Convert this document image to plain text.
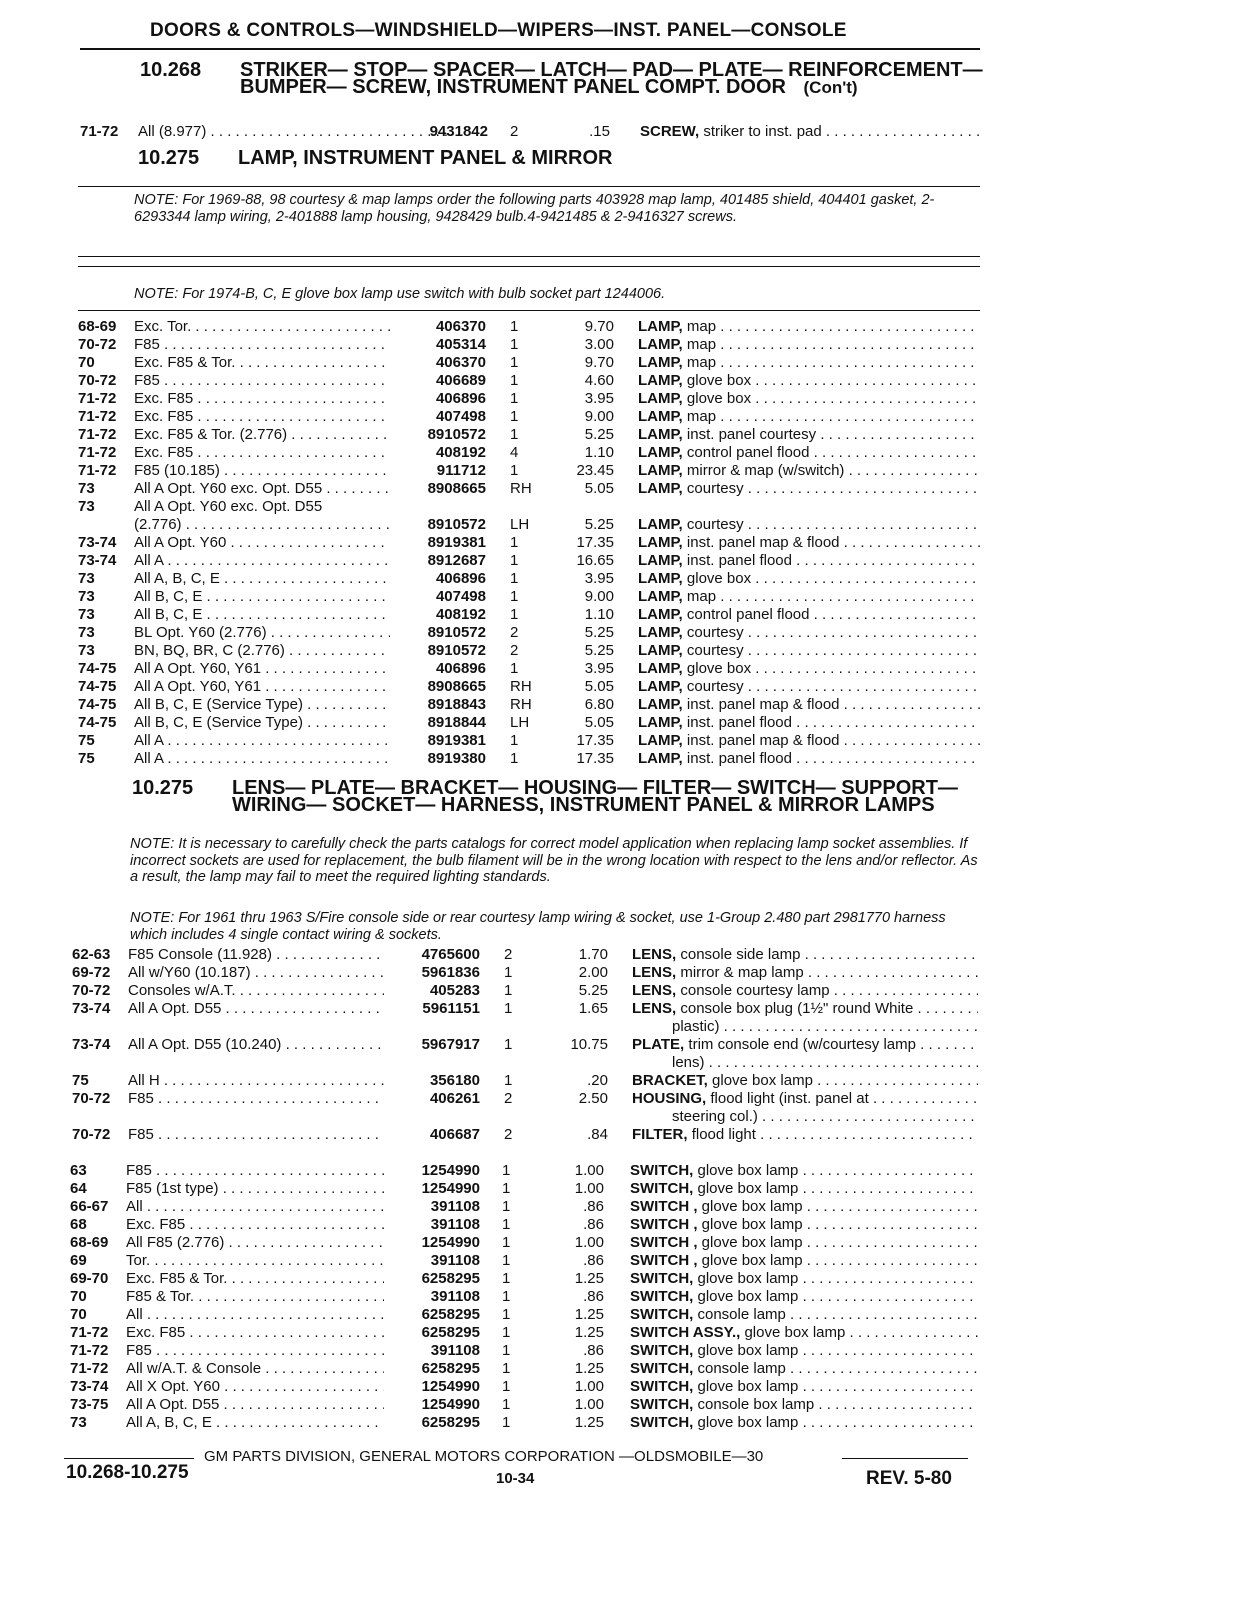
DOORS & CONTROLS—WINDSHIELD—WIPERS—INST. PANEL—CONSOLE
10.268 STRIKER— STOP— SPACER— LATCH— PAD— PLATE— REINFORCEMENT— BUMPER— SCREW, INSTRUMENT PANEL COMPT. DOOR (Con't)
71-72	All (8.977) . . .	9431842 2	.15 SCREW, striker to inst. pad . . .
10.275 LAMP, INSTRUMENT PANEL & MIRROR
NOTE: For 1969-88, 98 courtesy & map lamps order the following parts 403928 map lamp, 401485 shield, 404401 gasket, 2-6293344 lamp wiring, 2-401888 lamp housing, 9428429 bulb.4-9421485 & 2-9416327 screws.
NOTE: For 1974-B, C, E glove box lamp use switch with bulb socket part 1244006.
68-69	Exc. Tor. . . .	406370 1	9.70 LAMP, map . . .
70-72	F85 . . .	405314 1	3.00 LAMP, map . . .
70	Exc. F85 & Tor. . . .	406370 1	9.70 LAMP, map . . .
70-72	F85 . . .	406689 1	4.60 LAMP, glove box . . .
71-72	Exc. F85 . . .	406896 1	3.95 LAMP, glove box . . .
71-72	Exc. F85 . . .	407498 1	9.00 LAMP, map . . .
71-72	Exc. F85 & Tor. (2.776) . . .	8910572 1	5.25 LAMP, inst. panel courtesy . . .
71-72	Exc. F85 . . .	408192 4	1.10 LAMP, control panel flood . . .
71-72	F85 (10.185) . . .	911712 1	23.45 LAMP, mirror & map (w/switch) . . .
73	All A Opt. Y60 exc. Opt. D55 . . .	8908665 RH	5.05 LAMP, courtesy . . .
73	All A Opt. Y60 exc. Opt. D55
(2.776) . . .	8910572 LH	5.25 LAMP, courtesy . . .
73-74	All A Opt. Y60 . . .	8919381 1	17.35 LAMP, inst. panel map & flood . . .
73-74	All A . . .	8912687 1	16.65 LAMP, inst. panel flood . . .
73	All A, B, C, E . . .	406896 1	3.95 LAMP, glove box . . .
73	All B, C, E . . .	407498 1	9.00 LAMP, map . . .
73	All B, C, E . . .	408192 1	1.10 LAMP, control panel flood . . .
73	BL Opt. Y60 (2.776) . . .	8910572 2	5.25 LAMP, courtesy . . .
73	BN, BQ, BR, C (2.776) . . .	8910572 2	5.25 LAMP, courtesy . . .
74-75	All A Opt. Y60, Y61 . . .	406896 1	3.95 LAMP, glove box . . .
74-75	All A Opt. Y60, Y61 . . .	8908665 RH	5.05 LAMP, courtesy . . .
74-75	All B, C, E (Service Type) . . .	8918843 RH	6.80 LAMP, inst. panel map & flood . . .
74-75	All B, C, E (Service Type) . . .	8918844 LH	5.05 LAMP, inst. panel flood . . .
75	All A . . .	8919381 1	17.35 LAMP, inst. panel map & flood . . .
75	All A . . .	8919380 1	17.35 LAMP, inst. panel flood . . .
10.275 LENS— PLATE— BRACKET— HOUSING— FILTER— SWITCH— SUPPORT— WIRING— SOCKET— HARNESS, INSTRUMENT PANEL & MIRROR LAMPS
NOTE: It is necessary to carefully check the parts catalogs for correct model application when replacing lamp socket assemblies. If incorrect sockets are used for replacement, the bulb filament will be in the wrong location with respect to the lens and/or reflector. As a result, the lamp may fail to meet the required lighting standards.
NOTE: For 1961 thru 1963 S/Fire console side or rear courtesy lamp wiring & socket, use 1-Group 2.480 part 2981770 harness which includes 4 single contact wiring & sockets.
62-63	F85 Console (11.928) . . .	4765600 2	1.70 LENS, console side lamp . . .
69-72	All w/Y60 (10.187) . . .	5961836 1	2.00 LENS, mirror & map lamp . . .
70-72	Consoles w/A.T. . . .	405283 1	5.25 LENS, console courtesy lamp . . .
73-74	All A Opt. D55 . . .	5961151 1	1.65 LENS, console box plug (1½" round White . . .
plastic) . . .
73-74	All A Opt. D55 (10.240) . . .	5967917 1	10.75 PLATE, trim console end (w/courtesy lamp . . .
lens) . . .
75	All H . . .	356180 1	.20 BRACKET, glove box lamp . . .
70-72	F85 . . .	406261 2	2.50 HOUSING, flood light (inst. panel at . . .
steering col.) . . .
70-72	F85 . . .	406687 2	.84 FILTER, flood light . . .
63	F85 . . .	1254990 1	1.00 SWITCH, glove box lamp . . .
64	F85 (1st type) . . .	1254990 1	1.00 SWITCH, glove box lamp . . .
66-67	All . . .	391108 1	.86 SWITCH , glove box lamp . . .
68	Exc. F85 . . .	391108 1	.86 SWITCH , glove box lamp . . .
68-69	All F85 (2.776) . . .	1254990 1	1.00 SWITCH , glove box lamp . . .
69	Tor. . . .	391108 1	.86 SWITCH , glove box lamp . . .
69-70	Exc. F85 & Tor. . . .	6258295 1	1.25 SWITCH, glove box lamp . . .
70	F85 & Tor. . . .	391108 1	.86 SWITCH, glove box lamp . . .
70	All . . .	6258295 1	1.25 SWITCH, console lamp . . .
71-72	Exc. F85 . . .	6258295 1	1.25 SWITCH ASSY., glove box lamp . . .
71-72	F85 . . .	391108 1	.86 SWITCH, glove box lamp . . .
71-72	All w/A.T. & Console . . .	6258295 1	1.25 SWITCH, console lamp . . .
73-74	All X Opt. Y60 . . .	1254990 1	1.00 SWITCH, glove box lamp . . .
73-75	All A Opt. D55 . . .	1254990 1	1.00 SWITCH, console box lamp . . .
73	All A, B, C, E . . .	6258295 1	1.25 SWITCH, glove box lamp . . .
GM PARTS DIVISION, GENERAL MOTORS CORPORATION —OLDSMOBILE—30
10.268-10.275	10-34	REV. 5-80
